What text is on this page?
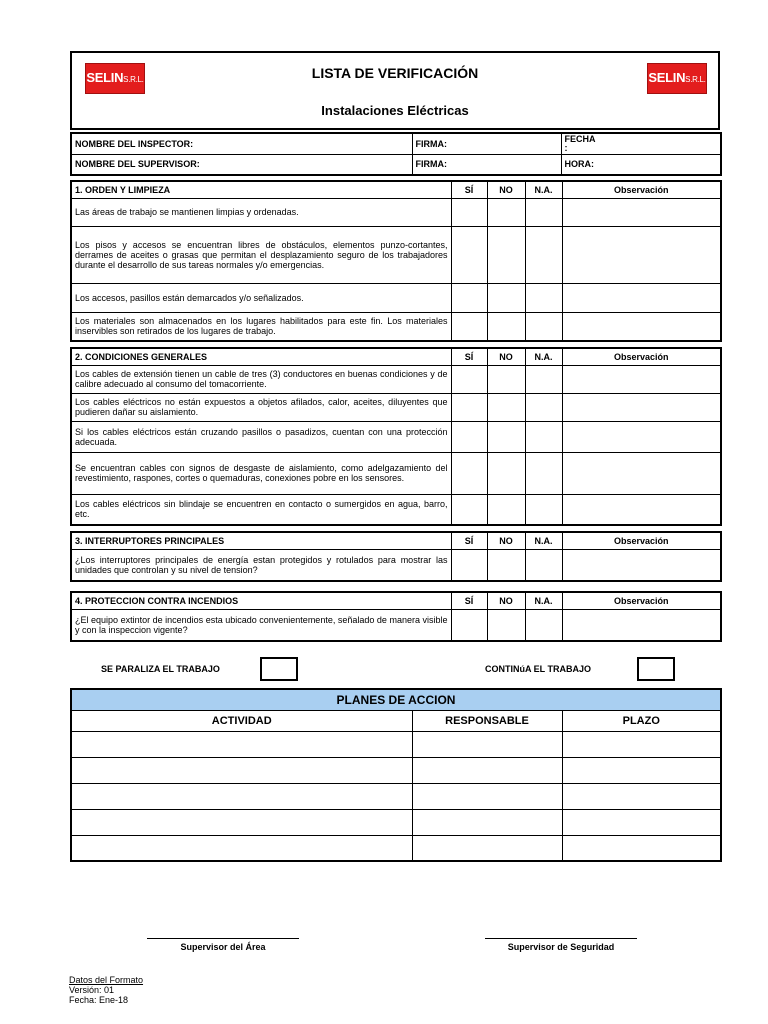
SELINS.R.L.	LISTA DE VERIFICACIÓN
Instalaciones Eléctricas
SELINS.R.L.
NOMBRE DEL INSPECTOR:	FIRMA:	FECHA
:
NOMBRE DEL SUPERVISOR:	FIRMA:	HORA:
1. ORDEN Y LIMPIEZA	SÍ	NO	N.A.	Observación
Las áreas de trabajo se mantienen limpias y ordenadas.				
Los pisos y accesos se encuentran libres de obstáculos, elementos punzo-cortantes, derrames de aceites o grasas que permitan el desplazamiento seguro de los trabajadores durante el desarrollo de sus tareas normales y/o emergencias.				
Los accesos, pasillos están demarcados y/o señalizados.				
Los materiales son almacenados en los lugares habilitados para este fin. Los materiales inservibles son retirados de los lugares de trabajo.				
2. CONDICIONES GENERALES	SÍ	NO	N.A.	Observación
Los cables de extensión tienen un cable de tres (3) conductores en buenas condiciones y de calibre adecuado al consumo del tomacorriente.				
Los cables eléctricos no están expuestos a objetos afilados, calor, aceites, diluyentes que pudieren dañar su aislamiento.				
Si los cables eléctricos están cruzando pasillos o pasadizos, cuentan con una protección adecuada.				
Se encuentran cables con signos de desgaste de aislamiento, como adelgazamiento del revestimiento, raspones, cortes o quemaduras, conexiones pobre en los sensores.				
Los cables eléctricos sin blindaje se encuentren en contacto o sumergidos en agua, barro, etc.				
3. INTERRUPTORES PRINCIPALES	SÍ	NO	N.A.	Observación
¿Los interruptores principales de energía estan protegidos y rotulados para mostrar las unidades que controlan y su nivel de tension?				
4. PROTECCION CONTRA INCENDIOS	SÍ	NO	N.A.	Observación
¿El equipo extintor de incendios esta ubicado convenientemente, señalado de manera visible y con la inspeccion vigente?				
SE PARALIZA EL TRABAJO	CONTINúA EL TRABAJO
PLANES DE ACCION		
ACTIVIDAD	RESPONSABLE	PLAZO

Supervisor del Área	Supervisor de Seguridad
Datos del Formato
Versión: 01
Fecha: Ene-18
